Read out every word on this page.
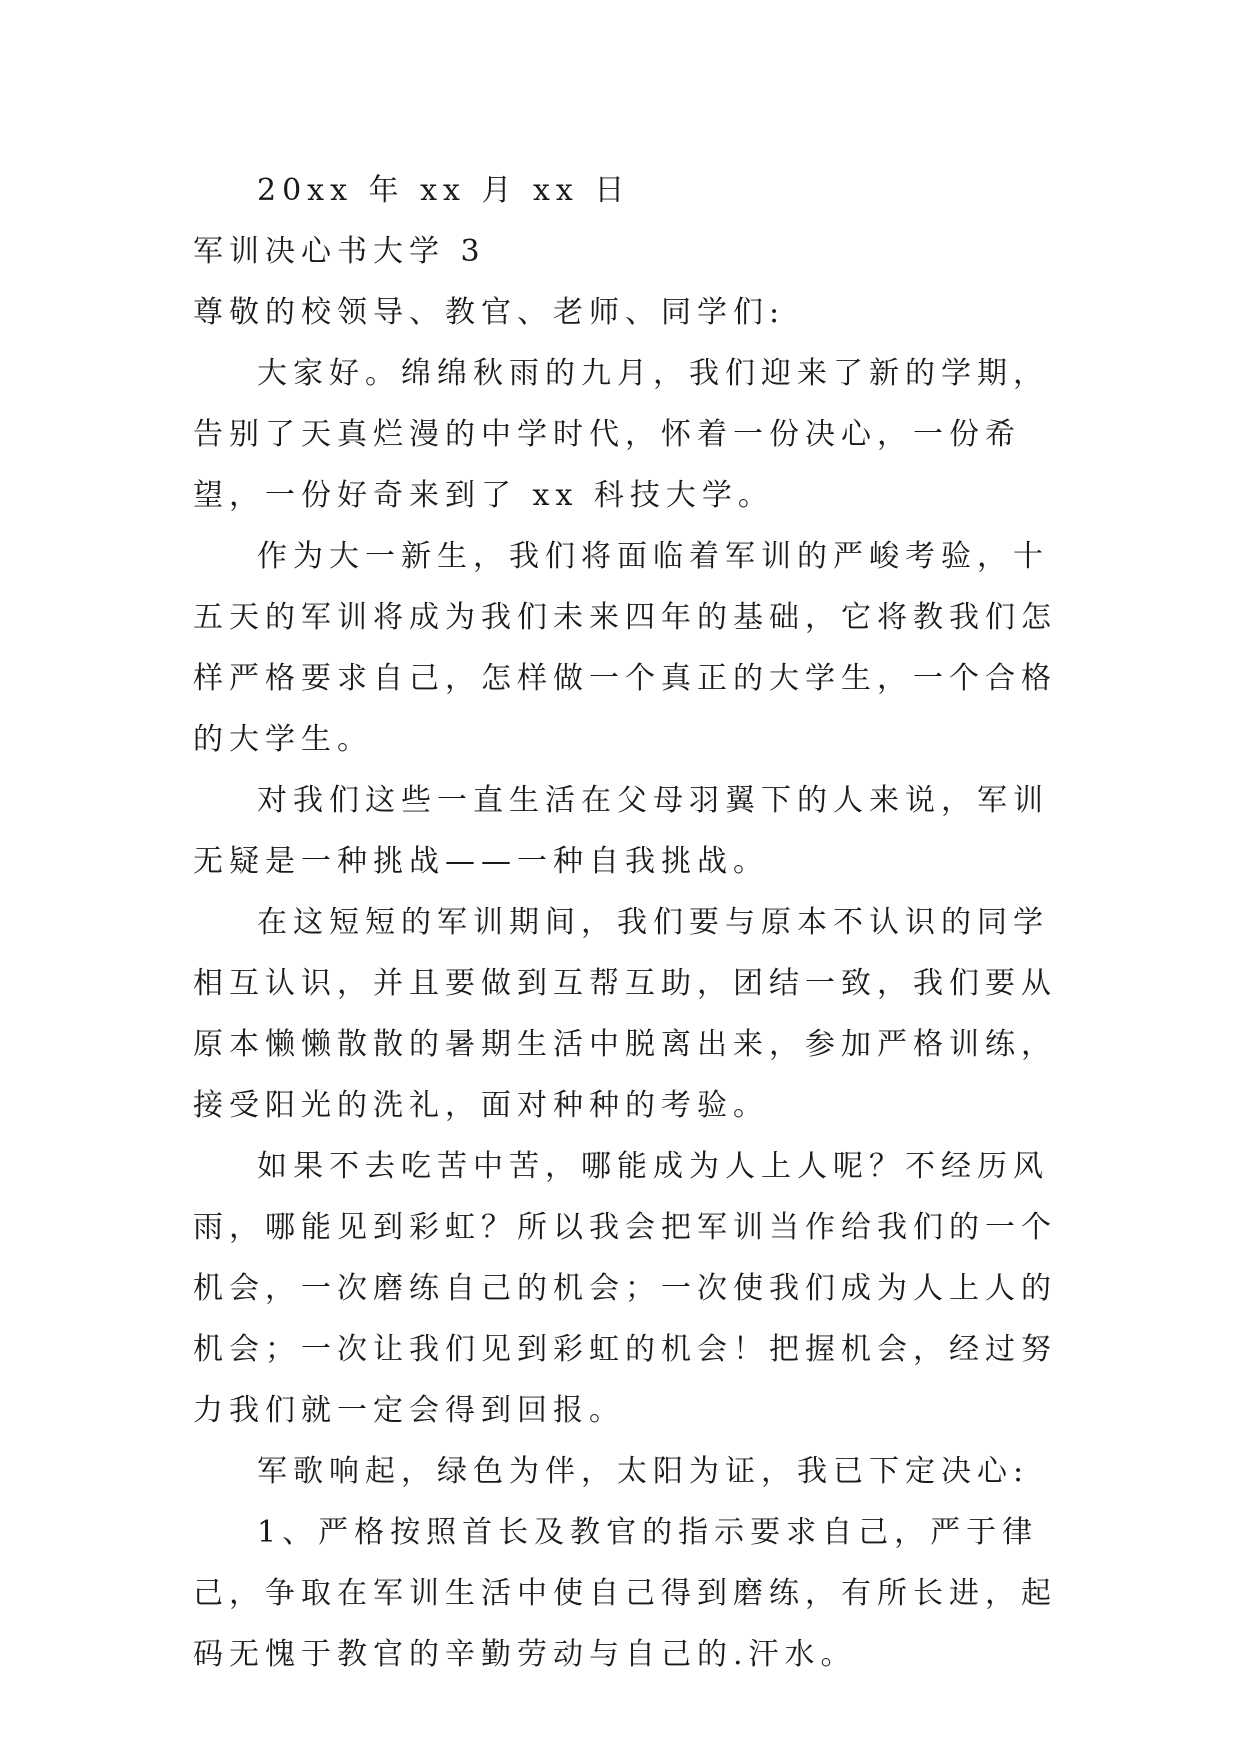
20xx 年 xx 月 xx 日

军训决心书大学 3

尊敬的校领导、教官、老师、同学们:

大家好。绵绵秋雨的九月，我们迎来了新的学期，告别了天真烂漫的中学时代，怀着一份决心，一份希望，一份好奇来到了 xx 科技大学。

作为大一新生，我们将面临着军训的严峻考验，十五天的军训将成为我们未来四年的基础，它将教我们怎样严格要求自己，怎样做一个真正的大学生，一个合格的大学生。

对我们这些一直生活在父母羽翼下的人来说，军训无疑是一种挑战——一种自我挑战。

在这短短的军训期间，我们要与原本不认识的同学相互认识，并且要做到互帮互助，团结一致，我们要从原本懒懒散散的暑期生活中脱离出来，参加严格训练，接受阳光的洗礼，面对种种的考验。

如果不去吃苦中苦，哪能成为人上人呢？不经历风雨，哪能见到彩虹？所以我会把军训当作给我们的一个机会，一次磨练自己的机会；一次使我们成为人上人的机会；一次让我们见到彩虹的机会！把握机会，经过努力我们就一定会得到回报。

军歌响起，绿色为伴，太阳为证，我已下定决心:

1、严格按照首长及教官的指示要求自己，严于律己，争取在军训生活中使自己得到磨练，有所长进，起码无愧于教官的辛勤劳动与自己的.汗水。
